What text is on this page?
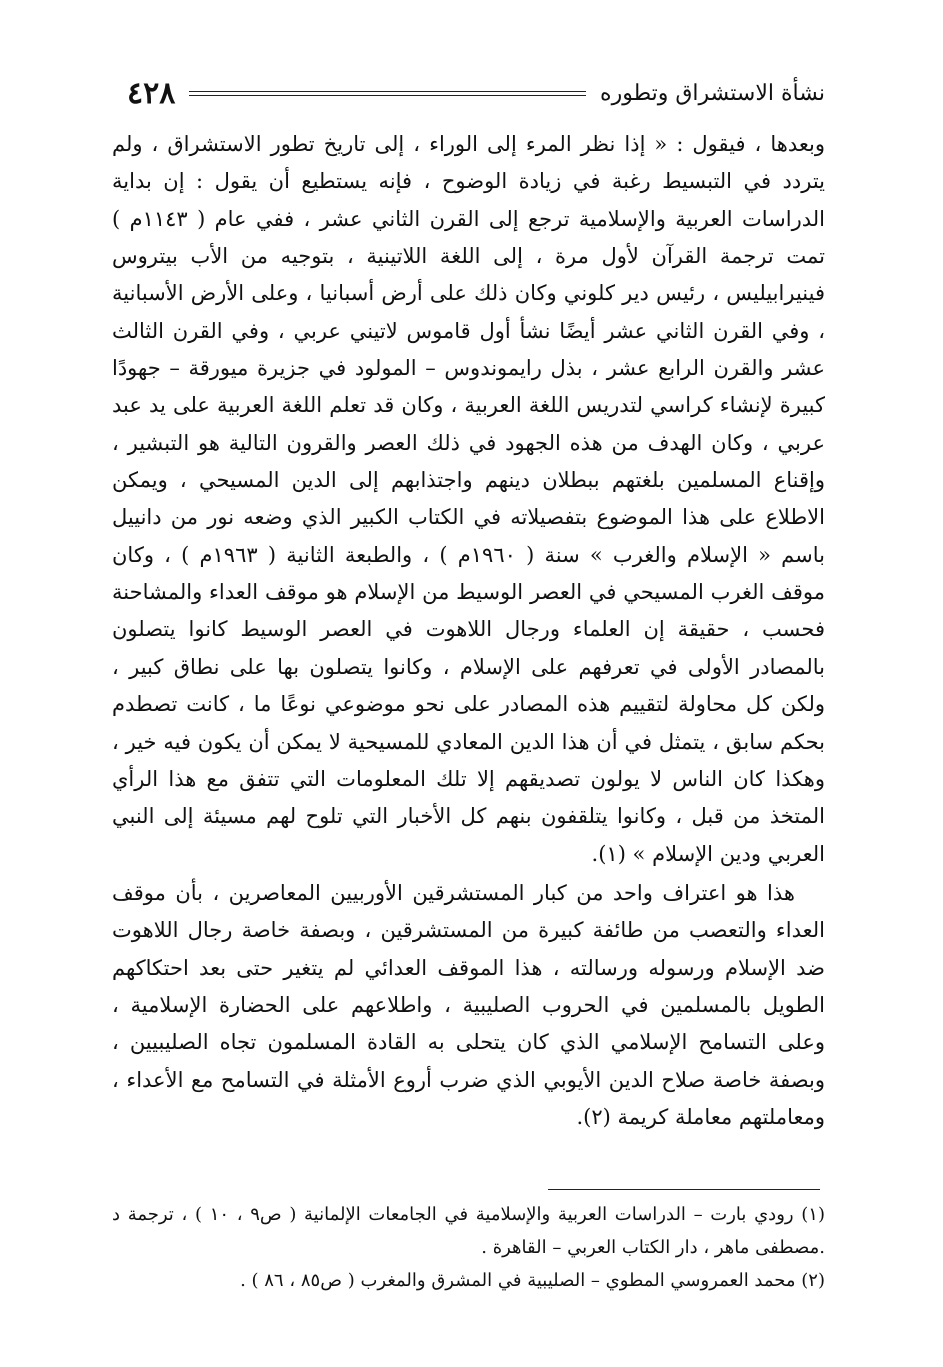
٤٢٨	نشأة الاستشراق وتطوره

وبعدها ، فيقول : « إذا نظر المرء إلى الوراء ، إلى تاريخ تطور الاستشراق ، ولم يتردد في التبسيط رغبة في زيادة الوضوح ، فإنه يستطيع أن يقول : إن بداية الدراسات العربية والإسلامية ترجع إلى القرن الثاني عشر ، ففي عام ( ١١٤٣م ) تمت ترجمة القرآن لأول مرة ، إلى اللغة اللاتينية ، بتوجيه من الأب بيتروس فينيرابيليس ، رئيس دير كلوني وكان ذلك على أرض أسبانيا ، وعلى الأرض الأسبانية ، وفي القرن الثاني عشر أيضًا نشأ أول قاموس لاتيني عربي ، وفي القرن الثالث عشر والقرن الرابع عشر ، بذل رايموندوس – المولود في جزيرة ميورقة – جهودًا كبيرة لإنشاء كراسي لتدريس اللغة العربية ، وكان قد تعلم اللغة العربية على يد عبد عربي ، وكان الهدف من هذه الجهود في ذلك العصر والقرون التالية هو التبشير ، وإقناع المسلمين بلغتهم ببطلان دينهم واجتذابهم إلى الدين المسيحي ، ويمكن الاطلاع على هذا الموضوع بتفصيلاته في الكتاب الكبير الذي وضعه نور من دانييل باسم « الإسلام والغرب » سنة ( ١٩٦٠م ) ، والطبعة الثانية ( ١٩٦٣م ) ، وكان موقف الغرب المسيحي في العصر الوسيط من الإسلام هو موقف العداء والمشاحنة فحسب ، حقيقة إن العلماء ورجال اللاهوت في العصر الوسيط كانوا يتصلون بالمصادر الأولى في تعرفهم على الإسلام ، وكانوا يتصلون بها على نطاق كبير ، ولكن كل محاولة لتقييم هذه المصادر على نحو موضوعي نوعًا ما ، كانت تصطدم بحكم سابق ، يتمثل في أن هذا الدين المعادي للمسيحية لا يمكن أن يكون فيه خير ، وهكذا كان الناس لا يولون تصديقهم إلا تلك المعلومات التي تتفق مع هذا الرأي المتخذ من قبل ، وكانوا يتلقفون بنهم كل الأخبار التي تلوح لهم مسيئة إلى النبي العربي ودين الإسلام » (١).

هذا هو اعتراف واحد من كبار المستشرقين الأوربيين المعاصرين ، بأن موقف العداء والتعصب من طائفة كبيرة من المستشرقين ، وبصفة خاصة رجال اللاهوت ضد الإسلام ورسوله ورسالته ، هذا الموقف العدائي لم يتغير حتى بعد احتكاكهم الطويل بالمسلمين في الحروب الصليبية ، واطلاعهم على الحضارة الإسلامية ، وعلى التسامح الإسلامي الذي كان يتحلى به القادة المسلمون تجاه الصليبيين ، وبصفة خاصة صلاح الدين الأيوبي الذي ضرب أروع الأمثلة في التسامح مع الأعداء ، ومعاملتهم معاملة كريمة (٢).

(١) رودي بارت – الدراسات العربية والإسلامية في الجامعات الإلمانية ( ص٩ ، ١٠ ) ، ترجمة د .مصطفى ماهر ، دار الكتاب العربي – القاهرة .

(٢) محمد العمروسي المطوي – الصليبية في المشرق والمغرب ( ص٨٥ ، ٨٦ ) .
